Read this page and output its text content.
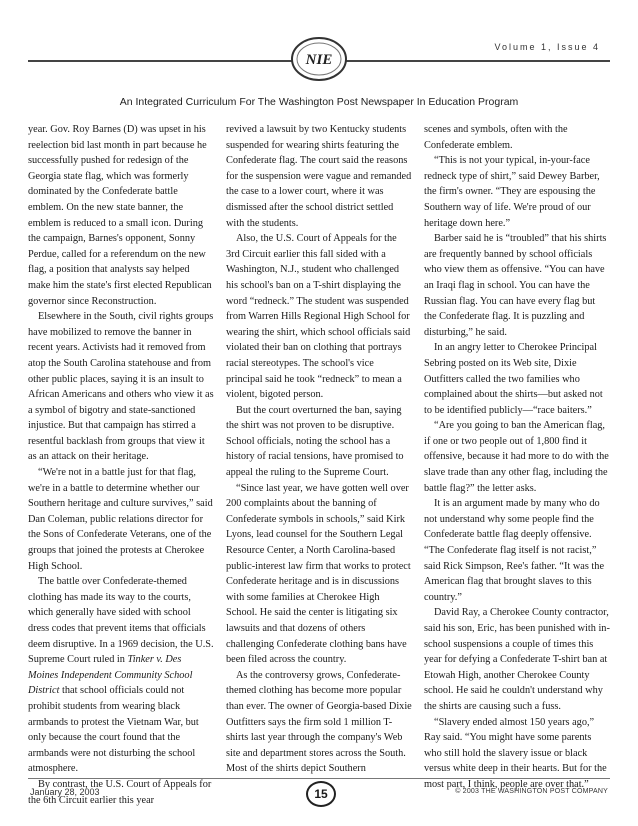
Volume 1, Issue 4
NIE
An Integrated Curriculum For The Washington Post Newspaper In Education Program

year. Gov. Roy Barnes (D) was upset in his reelection bid last month in part because he successfully pushed for redesign of the Georgia state flag, which was formerly dominated by the Confederate battle emblem. On the new state banner, the emblem is reduced to a small icon. During the campaign, Barnes's opponent, Sonny Perdue, called for a referendum on the new flag, a position that analysts say helped make him the state's first elected Republican governor since Reconstruction.

Elsewhere in the South, civil rights groups have mobilized to remove the banner in recent years. Activists had it removed from atop the South Carolina statehouse and from other public places, saying it is an insult to African Americans and others who view it as a symbol of bigotry and state-sanctioned injustice. But that campaign has stirred a resentful backlash from groups that view it as an attack on their heritage.

“We're not in a battle just for that flag, we're in a battle to determine whether our Southern heritage and culture survives,” said Dan Coleman, public relations director for the Sons of Confederate Veterans, one of the groups that joined the protests at Cherokee High School.

The battle over Confederate-themed clothing has made its way to the courts, which generally have sided with school dress codes that prevent items that officials deem disruptive. In a 1969 decision, the U.S. Supreme Court ruled in Tinker v. Des Moines Independent Community School District that school officials could not prohibit students from wearing black armbands to protest the Vietnam War, but only because the court found that the armbands were not disturbing the school atmosphere.

By contrast, the U.S. Court of Appeals for the 6th Circuit earlier this year

revived a lawsuit by two Kentucky students suspended for wearing shirts featuring the Confederate flag. The court said the reasons for the suspension were vague and remanded the case to a lower court, where it was dismissed after the school district settled with the students.

Also, the U.S. Court of Appeals for the 3rd Circuit earlier this fall sided with a Washington, N.J., student who challenged his school's ban on a T-shirt displaying the word “redneck.” The student was suspended from Warren Hills Regional High School for wearing the shirt, which school officials said violated their ban on clothing that portrays racial stereotypes. The school's vice principal said he took “redneck” to mean a violent, bigoted person.

But the court overturned the ban, saying the shirt was not proven to be disruptive. School officials, noting the school has a history of racial tensions, have promised to appeal the ruling to the Supreme Court.

“Since last year, we have gotten well over 200 complaints about the banning of Confederate symbols in schools,” said Kirk Lyons, lead counsel for the Southern Legal Resource Center, a North Carolina-based public-interest law firm that works to protect Confederate heritage and is in discussions with some families at Cherokee High School. He said the center is litigating six lawsuits and that dozens of others challenging Confederate clothing bans have been filed across the country.

As the controversy grows, Confederate-themed clothing has become more popular than ever. The owner of Georgia-based Dixie Outfitters says the firm sold 1 million T-shirts last year through the company's Web site and department stores across the South. Most of the shirts depict Southern

scenes and symbols, often with the Confederate emblem.

“This is not your typical, in-your-face redneck type of shirt,” said Dewey Barber, the firm's owner. “They are espousing the Southern way of life. We're proud of our heritage down here.”

Barber said he is “troubled” that his shirts are frequently banned by school officials who view them as offensive. “You can have an Iraqi flag in school. You can have the Russian flag. You can have every flag but the Confederate flag. It is puzzling and disturbing,” he said.

In an angry letter to Cherokee Principal Sebring posted on its Web site, Dixie Outfitters called the two families who complained about the shirts—but asked not to be identified publicly—“race baiters.”

“Are you going to ban the American flag, if one or two people out of 1,800 find it offensive, because it had more to do with the slave trade than any other flag, including the battle flag?” the letter asks.

It is an argument made by many who do not understand why some people find the Confederate battle flag deeply offensive. “The Confederate flag itself is not racist,” said Rick Simpson, Ree's father. “It was the American flag that brought slaves to this country.”

David Ray, a Cherokee County contractor, said his son, Eric, has been punished with in-school suspensions a couple of times this year for defying a Confederate T-shirt ban at Etowah High, another Cherokee County school. He said he couldn't understand why the shirts are causing such a fuss.

“Slavery ended almost 150 years ago,” Ray said. “You might have some parents who still hold the slavery issue or black versus white deep in their hearts. But for the most part, I think, people are over that.”

January 28, 2003	15	© 2003 THE WASHINGTON POST COMPANY
